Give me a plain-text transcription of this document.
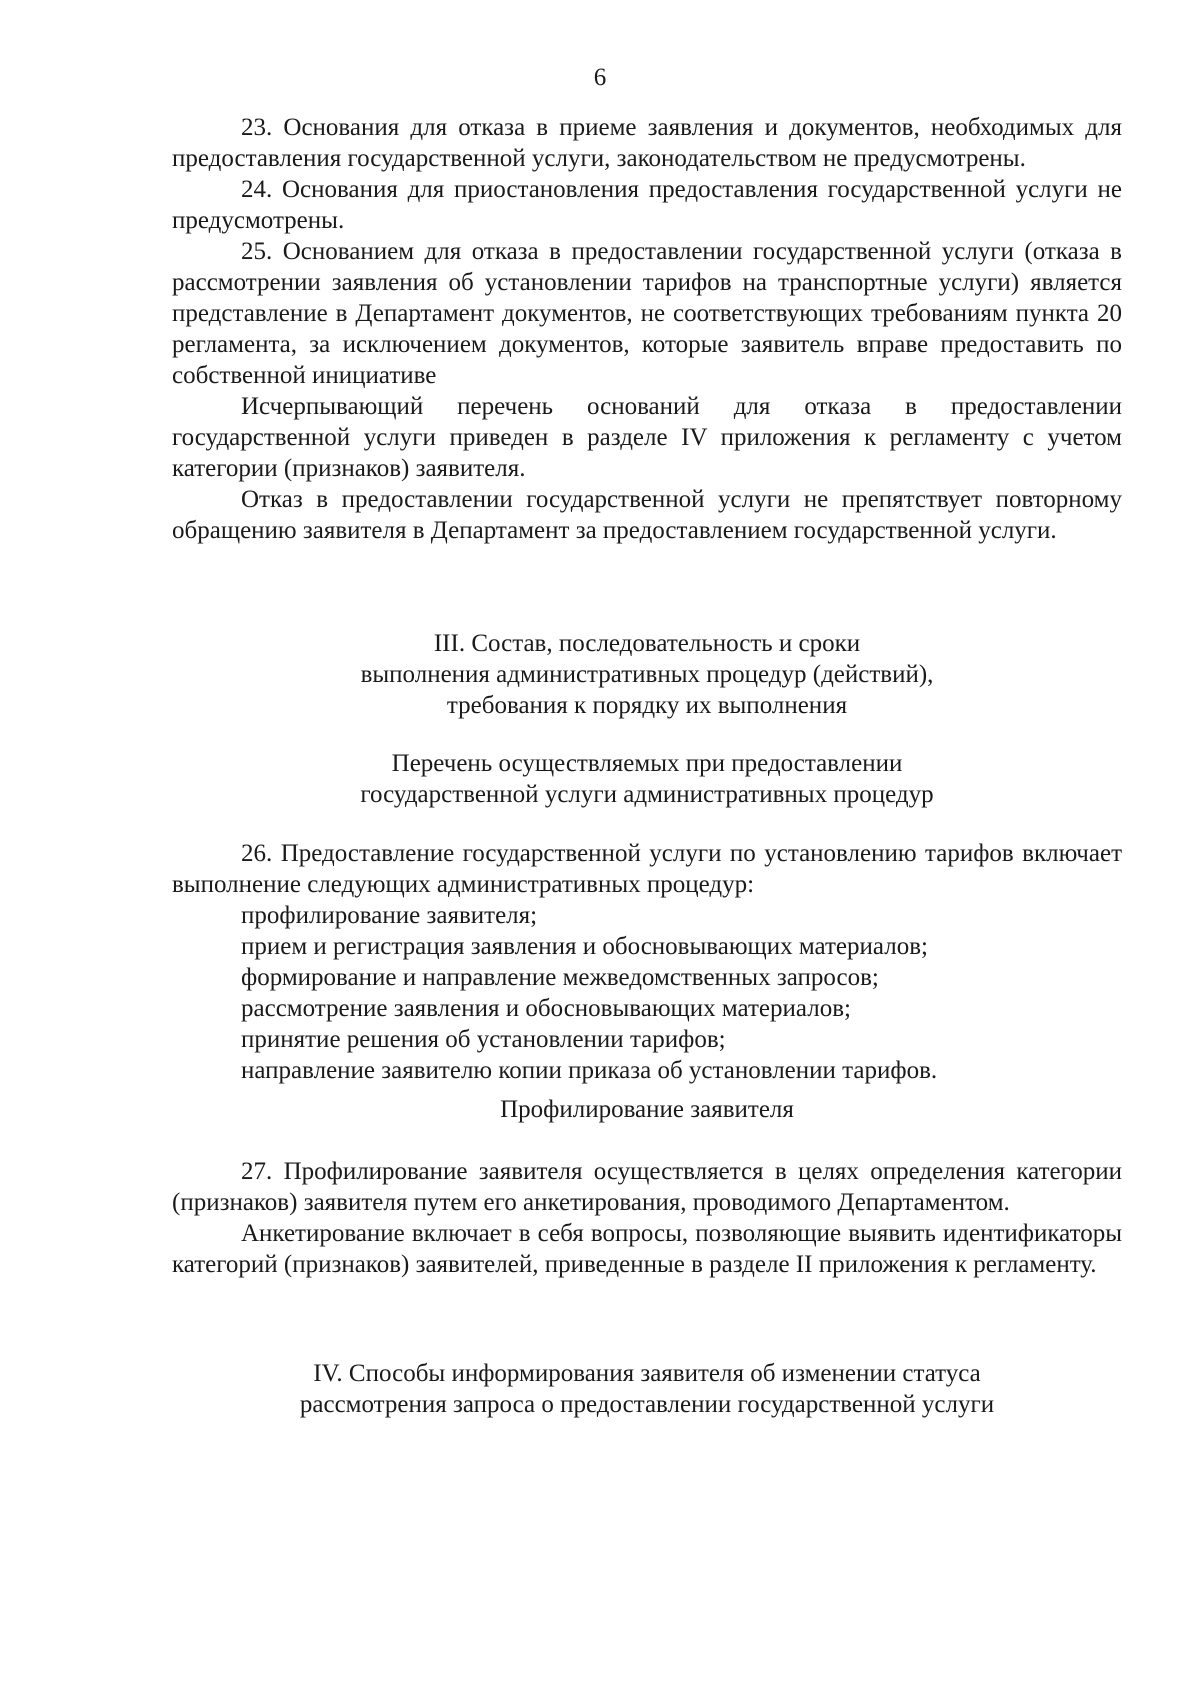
6

23. Основания для отказа в приеме заявления и документов, необходимых для предоставления государственной услуги, законодательством не предусмотрены.

24. Основания для приостановления предоставления государственной услуги не предусмотрены.

25. Основанием для отказа в предоставлении государственной услуги (отказа в рассмотрении заявления об установлении тарифов на транспортные услуги) является представление в Департамент документов, не соответствующих требованиям пункта 20 регламента, за исключением документов, которые заявитель вправе предоставить по собственной инициативе

Исчерпывающий перечень оснований для отказа в предоставлении государственной услуги приведен в разделе IV приложения к регламенту с учетом категории (признаков) заявителя.

Отказ в предоставлении государственной услуги не препятствует повторному обращению заявителя в Департамент за предоставлением государственной услуги.

III. Состав, последовательность и сроки
выполнения административных процедур (действий),
требования к порядку их выполнения

Перечень осуществляемых при предоставлении
государственной услуги административных процедур

26. Предоставление государственной услуги по установлению тарифов включает выполнение следующих административных процедур:

профилирование заявителя;

прием и регистрация заявления и обосновывающих материалов;

формирование и направление межведомственных запросов;

рассмотрение заявления и обосновывающих материалов;

принятие решения об установлении тарифов;

направление заявителю копии приказа об установлении тарифов.

Профилирование заявителя

27. Профилирование заявителя осуществляется в целях определения категории (признаков) заявителя путем его анкетирования, проводимого Департаментом.

Анкетирование включает в себя вопросы, позволяющие выявить идентификаторы категорий (признаков) заявителей, приведенные в разделе II приложения к регламенту.

IV. Способы информирования заявителя об изменении статуса
рассмотрения запроса о предоставлении государственной услуги
